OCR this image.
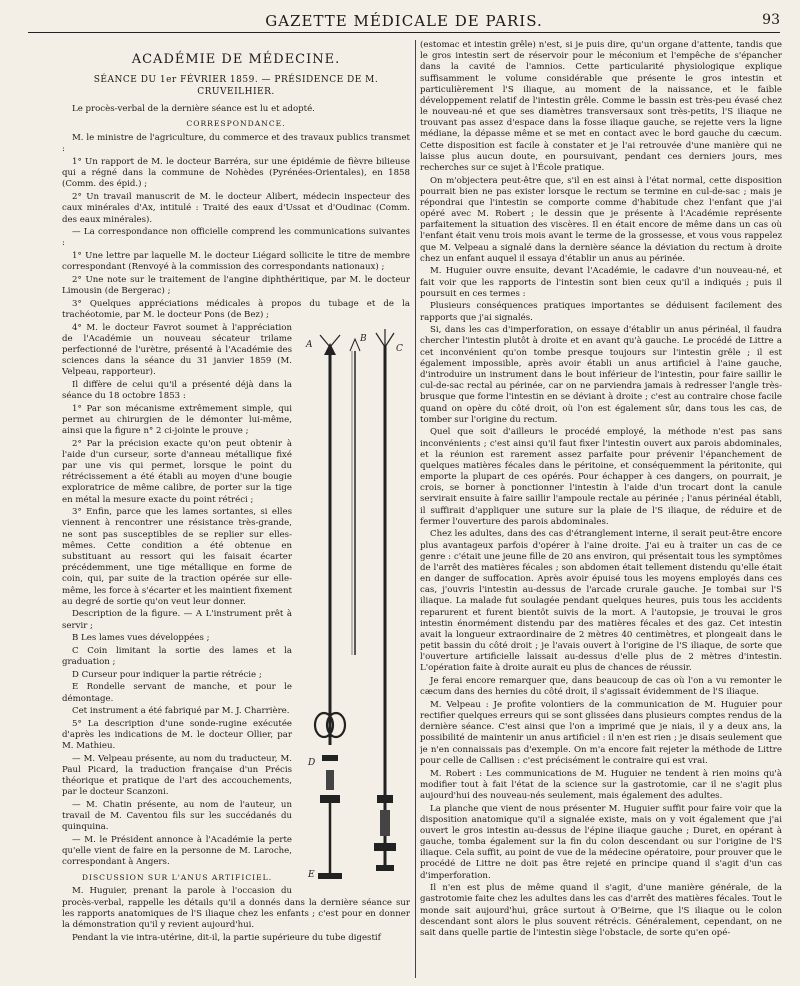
GAZETTE MÉDICALE DE PARIS.	93
ACADÉMIE DE MÉDECINE.
SÉANCE DU 1er FÉVRIER 1859. — PRÉSIDENCE DE M. CRUVEILHIER.

Le procès-verbal de la dernière séance est lu et adopté.

CORRESPONDANCE.

M. le ministre de l'agriculture, du commerce et des travaux publics transmet :

1° Un rapport de M. le docteur Barréra, sur une épidémie de fièvre bilieuse qui a régné dans la commune de Nohèdes (Pyrénées-Orientales), en 1858 (Comm. des épid.) ;

2° Un travail manuscrit de M. le docteur Alibert, médecin inspecteur des caux minérales d'Ax, intitulé : Traité des eaux d'Ussat et d'Oudinac (Comm. des eaux minérales).

— La correspondance non officielle comprend les communications suivantes :

1° Une lettre par laquelle M. le docteur Liégard sollicite le titre de membre correspondant (Renvoyé à la commission des correspondants nationaux) ;

2° Une note sur le traitement de l'angine diphthéritique, par M. le docteur Limousin (de Bergerac) ;

3° Quelques appréciations médicales à propos du tubage et de la trachéotomie, par M. le docteur Pons (de Bez) ;

A
B
C
D
E

4° M. le docteur Favrot soumet à l'appréciation de l'Académie un nouveau sécateur trilame perfectionné de l'urètre, présenté à l'Académie des sciences dans la séance du 31 janvier 1859 (M. Velpeau, rapporteur).

Il diffère de celui qu'il a présenté déjà dans la séance du 18 octobre 1853 :

1° Par son mécanisme extrêmement simple, qui permet au chirurgien de le démonter lui-même, ainsi que la figure n° 2 ci-jointe le prouve ;

2° Par la précision exacte qu'on peut obtenir à l'aide d'un curseur, sorte d'anneau métallique fixé par une vis qui permet, lorsque le point du rétrécissement a été établi au moyen d'une bougie exploratrice de même calibre, de porter sur la tige en métal la mesure exacte du point rétréci ;

3° Enfin, parce que les lames sortantes, si elles viennent à rencontrer une résistance très-grande, ne sont pas susceptibles de se replier sur elles-mêmes. Cette condition a été obtenue en substituant au ressort qui les faisait écarter précédemment, une tige métallique en forme de coin, qui, par suite de la traction opérée sur elle-même, les force à s'écarter et les maintient fixement au degré de sortie qu'on veut leur donner.

Description de la figure. — A L'instrument prêt à servir ;

B Les lames vues développées ;

C Coin limitant la sortie des lames et la graduation ;

D Curseur pour indiquer la partie rétrécie ;

E Rondelle servant de manche, et pour le démontage.

Cet instrument a été fabriqué par M. J. Charrière.

5° La description d'une sonde-rugine exécutée d'après les indications de M. le docteur Ollier, par M. Mathieu.

— M. Velpeau présente, au nom du traducteur, M. Paul Picard, la traduction française d'un Précis théorique et pratique de l'art des accouchements, par le docteur Scanzoni.

— M. Chatin présente, au nom de l'auteur, un travail de M. Caventou fils sur les succédanés du quinquina.

— M. le Président annonce à l'Académie la perte qu'elle vient de faire en la personne de M. Laroche, correspondant à Angers.

DISCUSSION SUR L'ANUS ARTIFICIEL.

M. Huguier, prenant la parole à l'occasion du procès-verbal, rappelle les détails qu'il a donnés dans la dernière séance sur les rapports anatomiques de l'S iliaque chez les enfants ; c'est pour en donner la démonstration qu'il y revient aujourd'hui.

Pendant la vie intra-utérine, dit-il, la partie supérieure du tube digestif

(estomac et intestin grêle) n'est, si je puis dire, qu'un organe d'attente, tandis que le gros intestin sert de réservoir pour le méconium et l'empêche de s'épancher dans la cavité de l'amnios. Cette particularité physiologique explique suffisamment le volume considérable que présente le gros intestin et particulièrement l'S iliaque, au moment de la naissance, et le faible développement relatif de l'intestin grêle. Comme le bassin est très-peu évasé chez le nouveau-né et que ses diamètres transversaux sont très-petits, l'S iliaque ne trouvant pas assez d'espace dans la fosse iliaque gauche, se rejette vers la ligne médiane, la dépasse même et se met en contact avec le bord gauche du cæcum. Cette disposition est facile à constater et je l'ai retrouvée d'une manière qui ne laisse plus aucun doute, en poursuivant, pendant ces derniers jours, mes recherches sur ce sujet à l'École pratique.

On m'objectera peut-être que, s'il en est ainsi à l'état normal, cette disposition pourrait bien ne pas exister lorsque le rectum se termine en cul-de-sac ; mais je répondrai que l'intestin se comporte comme d'habitude chez l'enfant que j'ai opéré avec M. Robert ; le dessin que je présente à l'Académie représente parfaitement la situation des viscères. Il en était encore de même dans un cas où l'enfant était venu trois mois avant le terme de la grossesse, et vous vous rappelez que M. Velpeau a signalé dans la dernière séance la déviation du rectum à droite chez un enfant auquel il essaya d'établir un anus au périnée.

M. Huguier ouvre ensuite, devant l'Académie, le cadavre d'un nouveau-né, et fait voir que les rapports de l'intestin sont bien ceux qu'il a indiqués ; puis il poursuit en ces termes :

Plusieurs conséquences pratiques importantes se déduisent facilement des rapports que j'ai signalés.

Si, dans les cas d'imperforation, on essaye d'établir un anus périnéal, il faudra chercher l'intestin plutôt à droite et en avant qu'à gauche. Le procédé de Littre a cet inconvénient qu'on tombe presque toujours sur l'intestin grêle ; il est également impossible, après avoir établi un anus artificiel à l'aine gauche, d'introduire un instrument dans le bout inférieur de l'intestin, pour faire saillir le cul-de-sac rectal au périnée, car on ne parviendra jamais à redresser l'angle très-brusque que forme l'intestin en se déviant à droite ; c'est au contraire chose facile quand on opère du côté droit, où l'on est également sûr, dans tous les cas, de tomber sur l'origine du rectum.

Quel que soit d'ailleurs le procédé employé, la méthode n'est pas sans inconvénients ; c'est ainsi qu'il faut fixer l'intestin ouvert aux parois abdominales, et la réunion est rarement assez parfaite pour prévenir l'épanchement de quelques matières fécales dans le péritoine, et conséquemment la péritonite, qui emporte la plupart de ces opérés. Pour échapper à ces dangers, on pourrait, je crois, se borner à ponctionner l'intestin à l'aide d'un trocart dont la canule servirait ensuite à faire saillir l'ampoule rectale au périnée ; l'anus périnéal établi, il suffirait d'appliquer une suture sur la plaie de l'S iliaque, de réduire et de fermer l'ouverture des parois abdominales.

Chez les adultes, dans des cas d'étranglement interne, il serait peut-être encore plus avantageux parfois d'opérer à l'aine droite. J'ai eu à traiter un cas de ce genre : c'était une jeune fille de 20 ans environ, qui présentait tous les symptômes de l'arrêt des matières fécales ; son abdomen était tellement distendu qu'elle était en danger de suffocation. Après avoir épuisé tous les moyens employés dans ces cas, j'ouvris l'intestin au-dessus de l'arcade crurale gauche. Je tombai sur l'S iliaque. La malade fut soulagée pendant quelques heures, puis tous les accidents reparurent et furent bientôt suivis de la mort. A l'autopsie, je trouvai le gros intestin énormément distendu par des matières fécales et des gaz. Cet intestin avait la longueur extraordinaire de 2 mètres 40 centimètres, et plongeait dans le petit bassin du côté droit ; je l'avais ouvert à l'origine de l'S iliaque, de sorte que l'ouverture artificielle laissait au-dessus d'elle plus de 2 mètres d'intestin. L'opération faite à droite aurait eu plus de chances de réussir.

Je ferai encore remarquer que, dans beaucoup de cas où l'on a vu remonter le cæcum dans des hernies du côté droit, il s'agissait évidemment de l'S iliaque.

M. Velpeau : Je profite volontiers de la communication de M. Huguier pour rectifier quelques erreurs qui se sont glissées dans plusieurs comptes rendus de la dernière séance. C'est ainsi que l'on a imprimé que je niais, il y a deux ans, la possibilité de maintenir un anus artificiel : il n'en est rien ; je disais seulement que je n'en connaissais pas d'exemple. On m'a encore fait rejeter la méthode de Littre pour celle de Callisen : c'est précisément le contraire qui est vrai.

M. Robert : Les communications de M. Huguier ne tendent à rien moins qu'à modifier tout à fait l'état de la science sur la gastrotomie, car il ne s'agit plus aujourd'hui des nouveau-nés seulement, mais également des adultes.

La planche que vient de nous présenter M. Huguier suffit pour faire voir que la disposition anatomique qu'il a signalée existe, mais on y voit également que j'ai ouvert le gros intestin au-dessus de l'épine iliaque gauche ; Duret, en opérant à gauche, tomba également sur la fin du colon descendant ou sur l'origine de l'S iliaque. Cela suffit, au point de vue de la médecine opératoire, pour prouver que le procédé de Littre ne doit pas être rejeté en principe quand il s'agit d'un cas d'imperforation.

Il n'en est plus de même quand il s'agit, d'une manière générale, de la gastrotomie faite chez les adultes dans les cas d'arrêt des matières fécales. Tout le monde sait aujourd'hui, grâce surtout à O'Beirne, que l'S iliaque ou le colon descendant sont alors le plus souvent rétrécis. Généralement, cependant, on ne sait dans quelle partie de l'intestin siège l'obstacle, de sorte qu'en opé-
